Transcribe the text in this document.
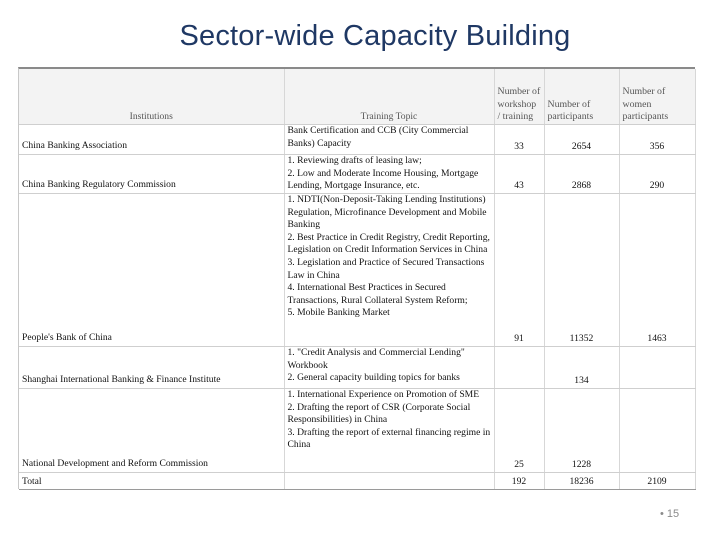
Sector-wide Capacity Building
Institutions	Training Topic	Number of workshop / training	Number of participants	Number of women participants
China Banking Association	Bank Certification and CCB (City Commercial Banks) Capacity	33	2654	356
China Banking Regulatory Commission	1. Reviewing drafts of leasing law;
2. Low and Moderate Income Housing, Mortgage Lending, Mortgage Insurance, etc.	43	2868	290
People's Bank of China	1. NDTI(Non-Deposit-Taking Lending Institutions) Regulation, Microfinance Development and Mobile Banking
2. Best Practice in Credit Registry, Credit Reporting, Legislation on Credit Information Services in China
3. Legislation and Practice of Secured Transactions Law in China
4. International Best Practices in Secured Transactions, Rural Collateral System Reform;
5. Mobile Banking Market	91	11352	1463
Shanghai International Banking & Finance Institute	1. "Credit Analysis and Commercial Lending" Workbook
2. General capacity building topics for banks		134	
National Development and Reform Commission	1. International Experience on Promotion of SME
2. Drafting the report of CSR (Corporate Social Responsibilities) in China
3. Drafting the report of external financing regime in China	25	1228	
Total		192	18236	2109
• 15
